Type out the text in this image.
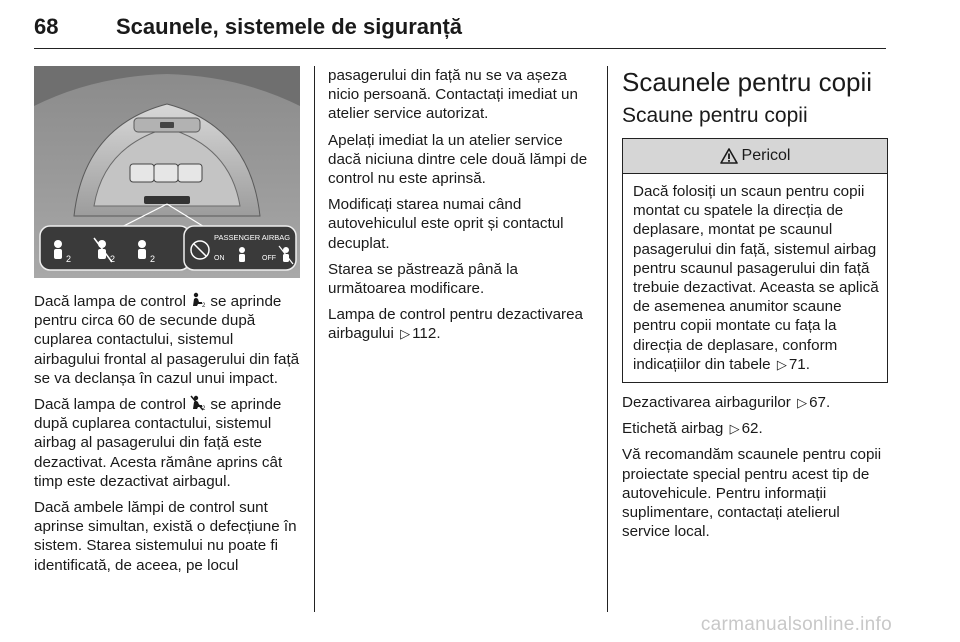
68	Scaunele, sistemele de siguranță
2	2	2
PASSENGER AIRBAG
ON	OFF

Dacă lampa de control 2 se aprinde pentru circa 60 de secunde după cuplarea contactului, sistemul airbagului frontal al pasagerului din față se va declanșa în cazul unui impact.

Dacă lampa de control 2 se aprinde după cuplarea contactului, sistemul airbag al pasagerului din față este dezactivat. Acesta rămâne aprins cât timp este dezactivat airbagul.

Dacă ambele lămpi de control sunt aprinse simultan, există o defecțiune în sistem. Starea sistemului nu poate fi identificată, de aceea, pe locul

pasagerului din față nu se va așeza nicio persoană. Contactați imediat un atelier service autorizat.

Apelați imediat la un atelier service dacă niciuna dintre cele două lămpi de control nu este aprinsă.

Modificați starea numai când autovehiculul este oprit și contactul decuplat.

Starea se păstrează până la următoarea modificare.

Lampa de control pentru dezactivarea airbagului ▷ 112.

Scaunele pentru copii
Scaune pentru copii
Pericol
Dacă folosiți un scaun pentru copii montat cu spatele la direcția de deplasare, montat pe scaunul pasagerului din față, sistemul airbag pentru scaunul pasagerului din față trebuie dezactivat. Aceasta se aplică de asemenea anumitor scaune pentru copii montate cu fața la direcția de deplasare, conform indicațiilor din tabele ▷ 71.

Dezactivarea airbagurilor ▷ 67.

Etichetă airbag ▷ 62.

Vă recomandăm scaunele pentru copii proiectate special pentru acest tip de autovehicule. Pentru informații suplimentare, contactați atelierul service local.

carmanualsonline.info
